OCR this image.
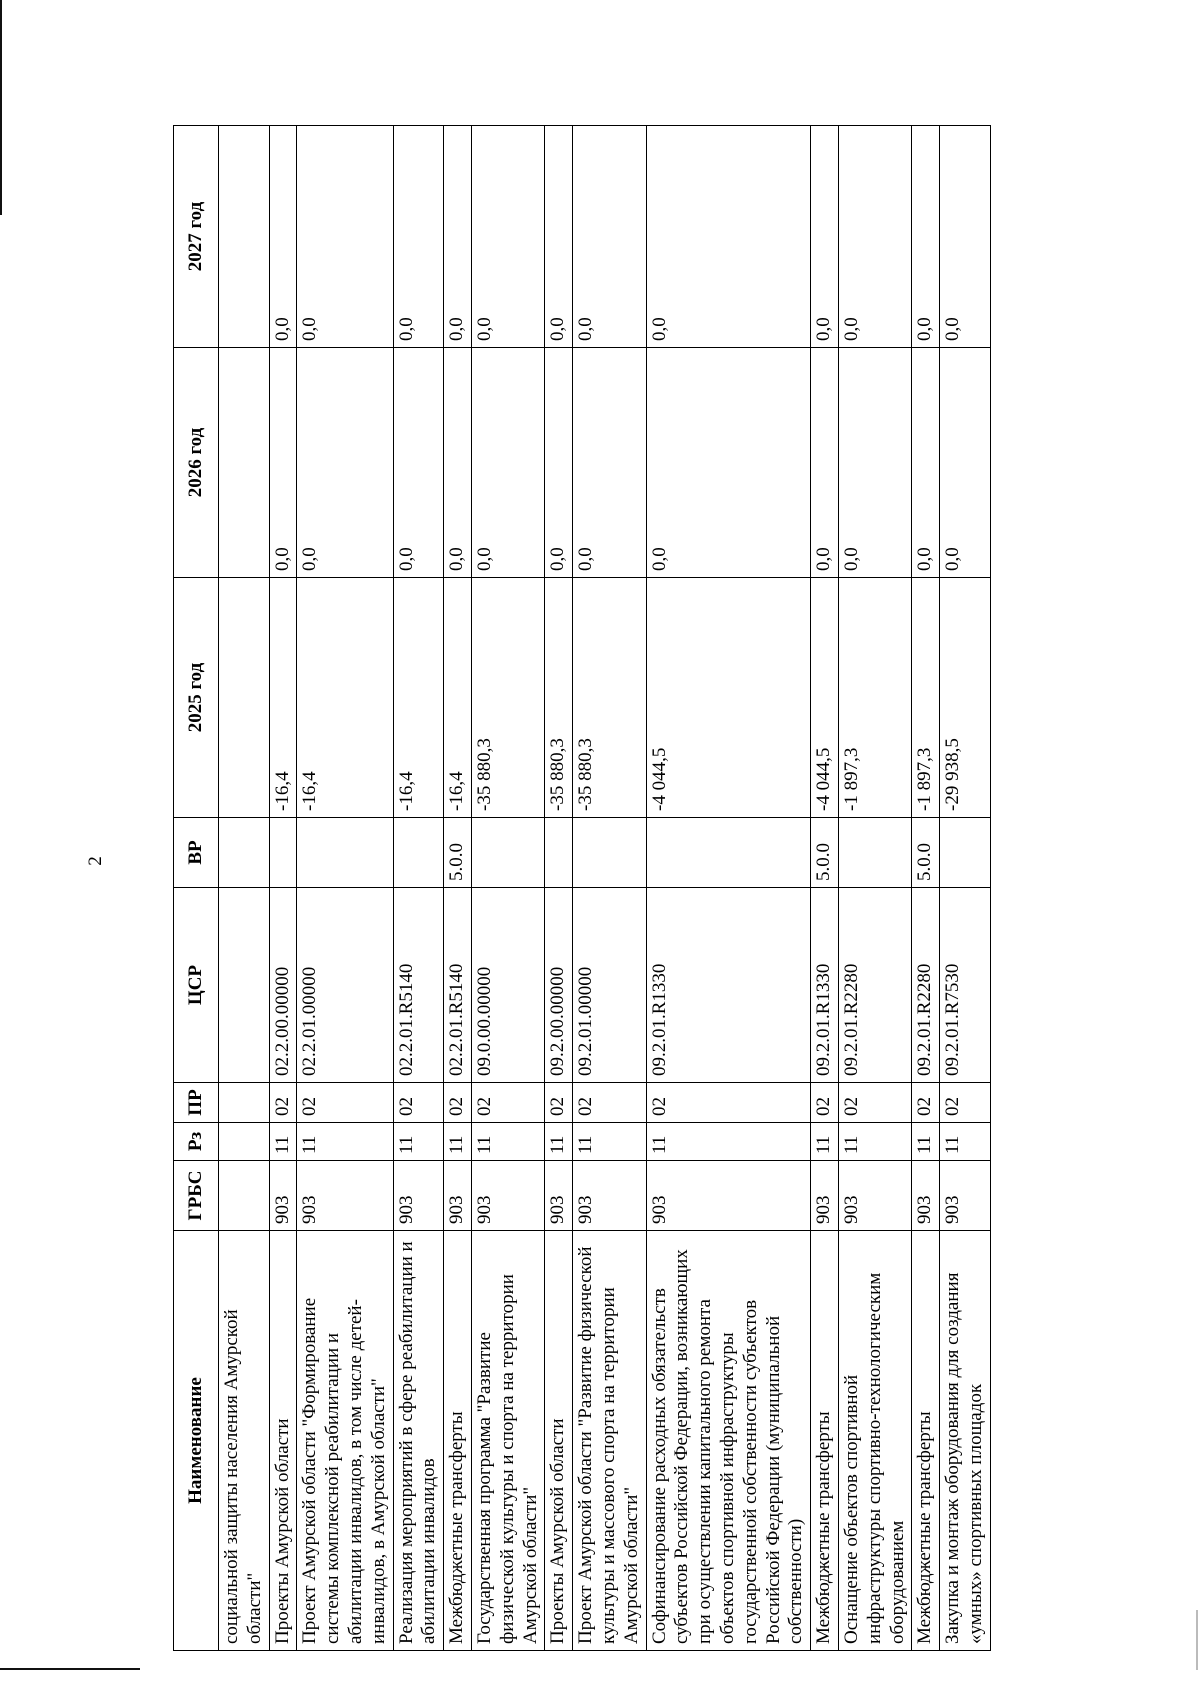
2
Наименование	ГРБС	Рз	ПР	ЦСР	ВР	2025 год	2026 год	2027 год
социальной защиты населения Амурской области"								
Проекты Амурской области	903	11	02	02.2.00.00000		-16,4	0,0	0,0
Проект Амурской области "Формирование системы комплексной реабилитации и абилитации инвалидов, в том числе детей-инвалидов, в Амурской области"	903	11	02	02.2.01.00000		-16,4	0,0	0,0
Реализация мероприятий в сфере реабилитации и абилитации инвалидов	903	11	02	02.2.01.R5140		-16,4	0,0	0,0
Межбюджетные трансферты	903	11	02	02.2.01.R5140	5.0.0	-16,4	0,0	0,0
Государственная программа "Развитие физической культуры и спорта на территории Амурской области"	903	11	02	09.0.00.00000		-35 880,3	0,0	0,0
Проекты Амурской области	903	11	02	09.2.00.00000		-35 880,3	0,0	0,0
Проект Амурской области "Развитие физической культуры и массового спорта на территории Амурской области"	903	11	02	09.2.01.00000		-35 880,3	0,0	0,0
Софинансирование расходных обязательств субъектов Российской Федерации, возникающих при осуществлении капитального ремонта объектов спортивной инфраструктуры государственной собственности субъектов Российской Федерации (муниципальной собственности)	903	11	02	09.2.01.R1330		-4 044,5	0,0	0,0
Межбюджетные трансферты	903	11	02	09.2.01.R1330	5.0.0	-4 044,5	0,0	0,0
Оснащение объектов спортивной инфраструктуры спортивно-технологическим оборудованием	903	11	02	09.2.01.R2280		-1 897,3	0,0	0,0
Межбюджетные трансферты	903	11	02	09.2.01.R2280	5.0.0	-1 897,3	0,0	0,0
Закупка и монтаж оборудования для создания «умных» спортивных площадок	903	11	02	09.2.01.R7530		-29 938,5	0,0	0,0
